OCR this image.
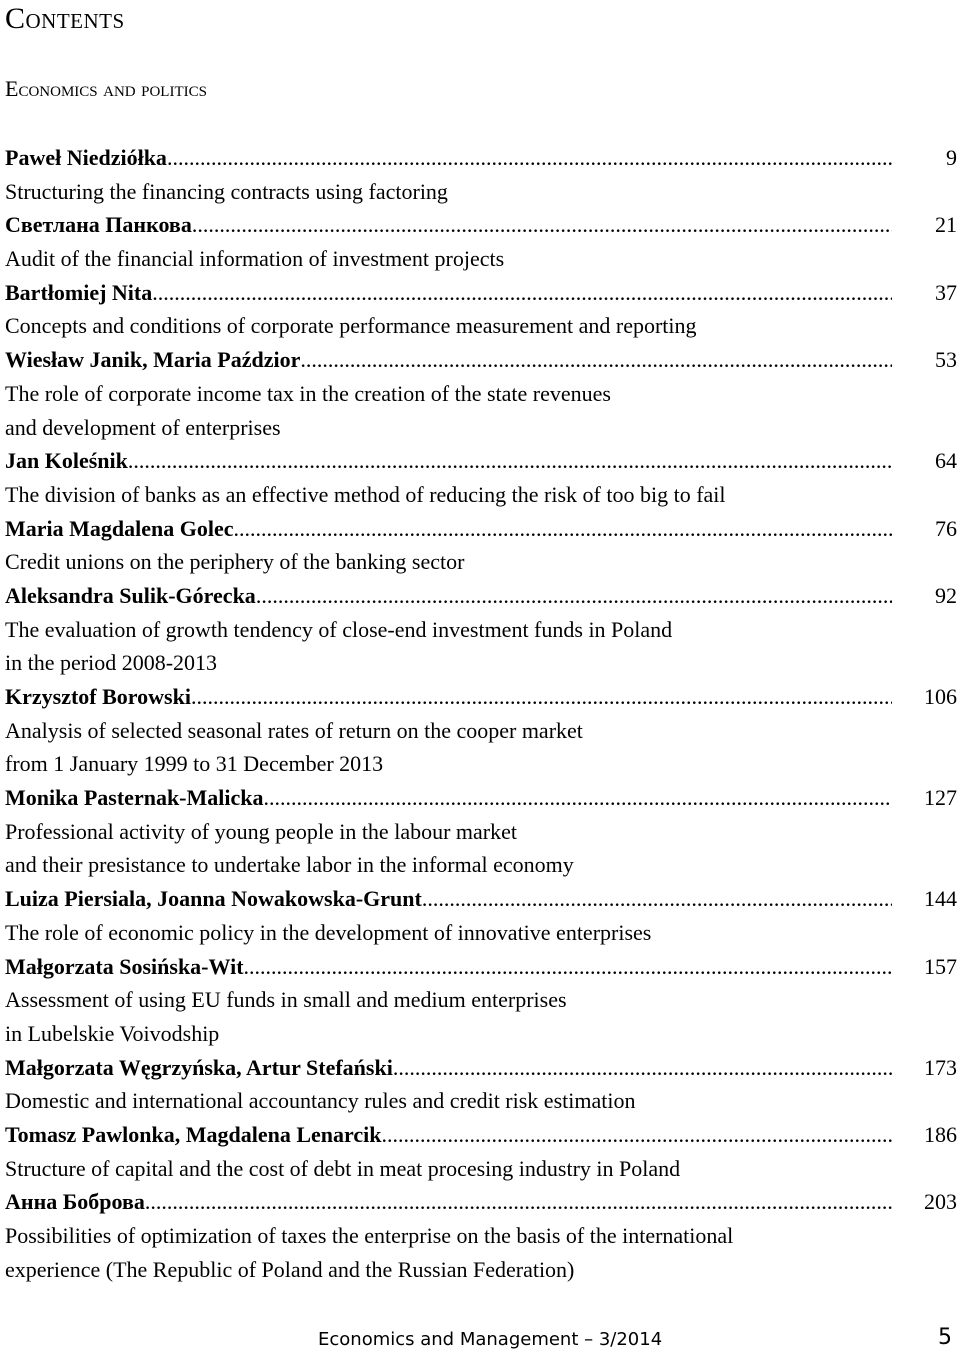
Contents
Economics and politics
Paweł Niedziółka .....	9
Structuring the financing contracts using factoring
Светлана Панкова .....	21
Audit of the financial information of investment projects
Bartłomiej Nita .....	37
Concepts and conditions of corporate performance measurement and reporting
Wiesław Janik, Maria Paździor .....	53
The role of corporate income tax in the creation of the state revenues
and development of enterprises
Jan Koleśnik .....	64
The division of banks as an effective method of reducing the risk of too big to fail
Maria Magdalena Golec .....	76
Credit unions on the periphery of the banking sector
Aleksandra Sulik-Górecka .....	92
The evaluation of growth tendency of close-end investment funds in Poland
in the period 2008-2013
Krzysztof Borowski .....	106
Analysis of selected seasonal rates of return on the cooper market
from 1 January 1999 to 31 December 2013
Monika Pasternak-Malicka .....	127
Professional activity of young people in the labour market
and their presistance to undertake labor in the informal economy
Luiza Piersiala, Joanna Nowakowska-Grunt .....	144
The role of economic policy in the development of innovative enterprises
Małgorzata Sosińska-Wit .....	157
Assessment of using EU funds in small and medium enterprises
in Lubelskie Voivodship
Małgorzata Węgrzyńska, Artur Stefański .....	173
Domestic and international accountancy rules and credit risk estimation
Tomasz Pawlonka, Magdalena Lenarcik .....	186
Structure of capital and the cost of debt in meat procesing industry in Poland
Анна Боброва .....	203
Possibilities of optimization of taxes the enterprise on the basis of the international
experience (The Republic of Poland and the Russian Federation)
Economics and Management – 3/2014	5
